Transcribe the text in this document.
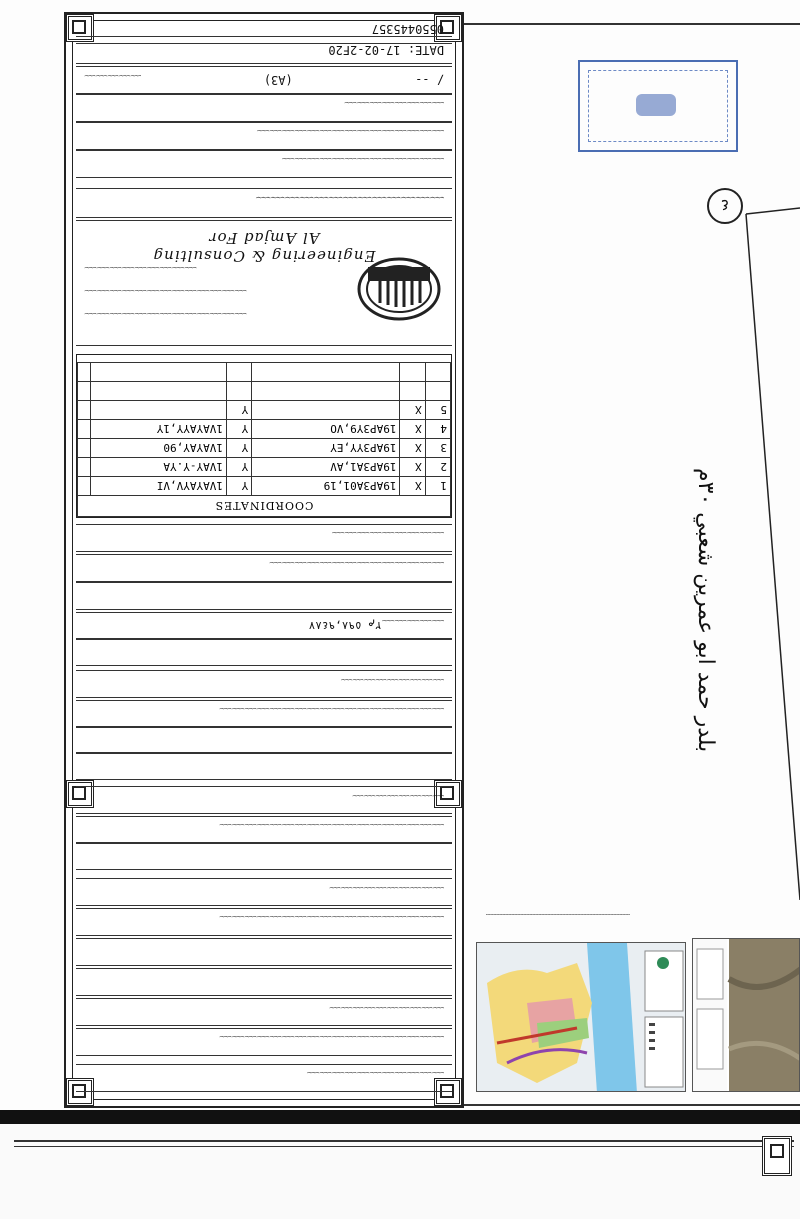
﹏﹏﹏﹏﹏﹏﹏﹏﹏﹏﹏
﹏﹏﹏﹏﹏﹏﹏﹏﹏﹏﹏﹏﹏﹏﹏﹏﹏﹏
﹏﹏﹏﹏﹏﹏﹏﹏﹏﹏
﹏﹏﹏﹏﹏﹏﹏﹏﹏﹏﹏﹏﹏﹏﹏﹏﹏﹏
﹏﹏﹏﹏﹏﹏﹏﹏﹏﹏
﹏﹏﹏﹏﹏﹏﹏﹏﹏﹏﹏﹏﹏﹏﹏﹏﹏﹏
﹏﹏﹏﹏﹏﹏﹏﹏
﹏﹏﹏﹏﹏﹏﹏﹏﹏﹏﹏﹏﹏﹏﹏﹏﹏﹏
﹏﹏﹏﹏﹏﹏﹏﹏﹏
﹏﹏﹏﹏﹏
٥٩٨,٩٤٨٧ م٢
﹏﹏﹏﹏﹏﹏﹏﹏﹏﹏﹏﹏﹏﹏
﹏﹏﹏﹏﹏﹏﹏﹏﹏
COORDINATES					
1	X	19AP3A01,19	Y	1VAYAYV,VI	
2	X	19AP3A1,AV	Y	1VAY-Y.YA	
3	X	19AP3YY,EY	Y	1VAYAY,90	
4	X	19AP3Y9,VO	Y	1VAYAYY,1Y	
5	X		Y		

﹏﹏﹏﹏﹏﹏﹏﹏﹏﹏﹏﹏﹏
﹏﹏﹏﹏﹏﹏﹏﹏﹏﹏﹏﹏﹏
﹏﹏﹏﹏﹏﹏﹏﹏﹏
Engineering & Consulting
Al Amjad For
﹏﹏﹏﹏﹏﹏﹏﹏﹏﹏﹏﹏﹏
﹏﹏﹏﹏﹏﹏﹏﹏﹏﹏﹏﹏﹏
﹏﹏﹏﹏﹏﹏﹏﹏﹏﹏﹏﹏﹏﹏﹏
﹏﹏﹏﹏﹏﹏﹏﹏
/ --
(A3)
﹏﹏﹏﹏﹏
DATE: 17-02-2F20
0550445357
٤
بلدر حمد ابو عمرين شعبي ٣٠م
﹏﹏﹏﹏﹏﹏﹏﹏﹏﹏﹏﹏﹏﹏﹏﹏
